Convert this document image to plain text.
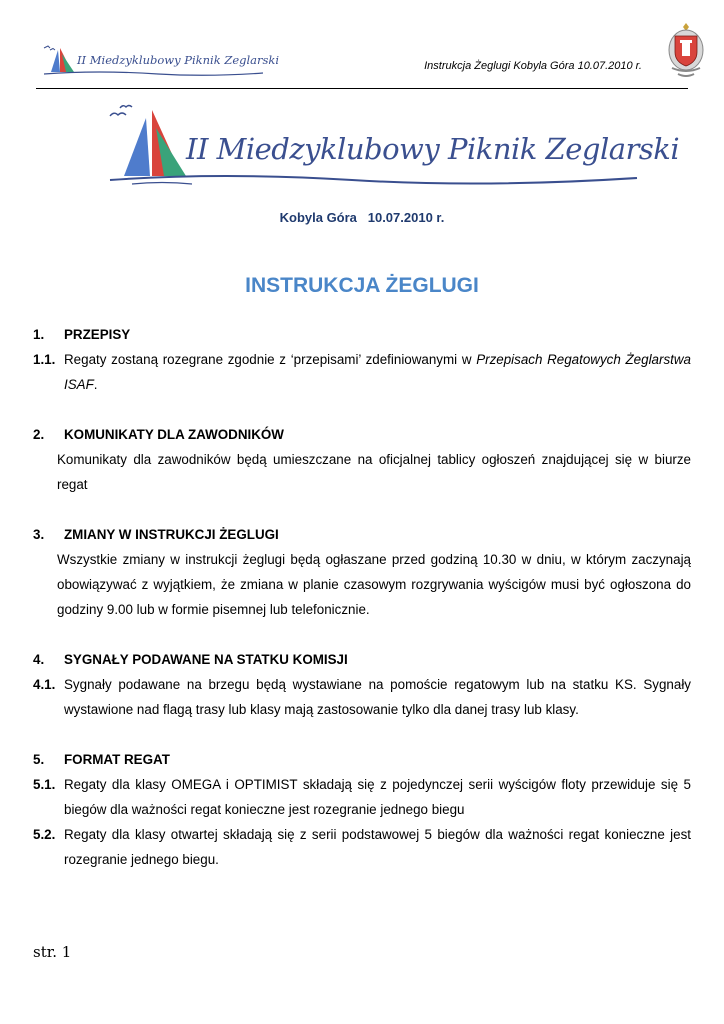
II Miedzyklubowy Piknik Zeglarski	Instrukcja Żeglugi Kobyla Góra 10.07.2010 r.
II Miedzyklubowy Piknik Zeglarski
Kobyla Góra   10.07.2010 r.
INSTRUKCJA ŻEGLUGI
1.	PRZEPISY
1.1. Regaty zostaną rozegrane zgodnie z ‘przepisami’ zdefiniowanymi w Przepisach Regatowych Żeglarstwa ISAF.
2.	KOMUNIKATY DLA ZAWODNIKÓW
Komunikaty dla zawodników będą umieszczane na oficjalnej tablicy ogłoszeń znajdującej się w biurze regat
3.	ZMIANY W INSTRUKCJI ŻEGLUGI
Wszystkie zmiany w instrukcji żeglugi będą ogłaszane przed godziną 10.30 w dniu, w którym zaczynają obowiązywać z wyjątkiem, że zmiana w planie czasowym rozgrywania wyścigów musi być ogłoszona do godziny 9.00 lub w formie pisemnej lub telefonicznie.
4.	SYGNAŁY PODAWANE NA STATKU KOMISJI
4.1. Sygnały podawane na brzegu będą wystawiane na pomoście regatowym lub na statku KS. Sygnały wystawione nad flagą trasy lub klasy mają zastosowanie tylko dla danej trasy lub klasy.
5.	FORMAT REGAT
5.1. Regaty dla klasy OMEGA i OPTIMIST składają się z pojedynczej serii wyścigów floty przewiduje się 5 biegów dla ważności regat konieczne jest rozegranie jednego biegu
5.2. Regaty dla klasy otwartej składają się z serii podstawowej 5 biegów dla ważności regat konieczne jest rozegranie jednego biegu.
str. 1
